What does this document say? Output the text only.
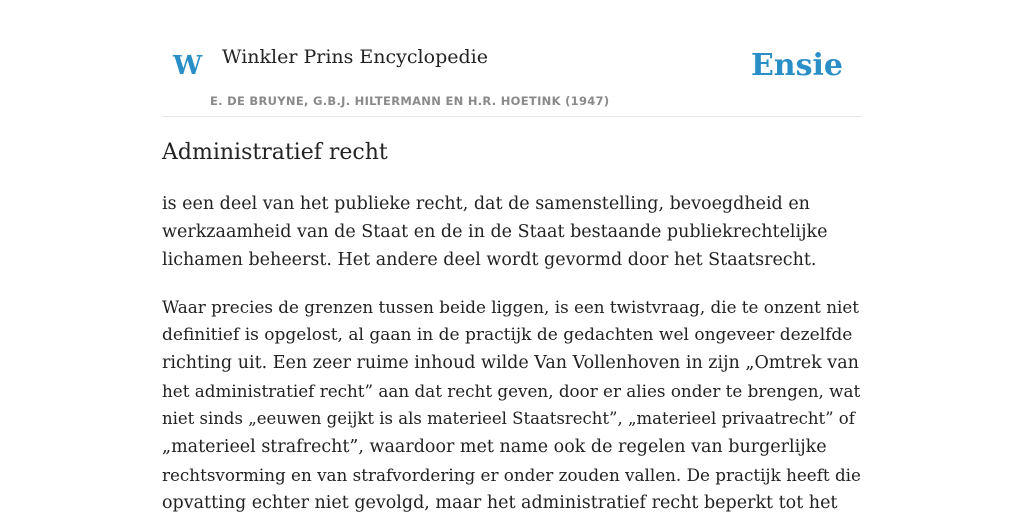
W Winkler Prins Encyclopedie
E. DE BRUYNE, G.B.J. HILTERMANN EN H.R. HOETINK (1947)
Ensie
Administratief recht

is een deel van het publieke recht, dat de samenstelling, bevoegdheid en
werkzaamheid van de Staat en de in de Staat bestaande publiekrechtelijke
lichamen beheerst. Het andere deel wordt gevormd door het Staatsrecht.

Waar precies de grenzen tussen beide liggen, is een twistvraag, die te onzent niet
definitief is opgelost, al gaan in de practijk de gedachten wel ongeveer dezelfde
richting uit. Een zeer ruime inhoud wilde Van Vollenhoven in zijn „Omtrek van
het administratief recht” aan dat recht geven, door er alies onder te brengen, wat
niet sinds „eeuwen geijkt is als materieel Staatsrecht”, „materieel privaatrecht” of
„materieel strafrecht”, waardoor met name ook de regelen van burgerlijke
rechtsvorming en van strafvordering er onder zouden vallen. De practijk heeft die
opvatting echter niet gevolgd, maar het administratief recht beperkt tot het
